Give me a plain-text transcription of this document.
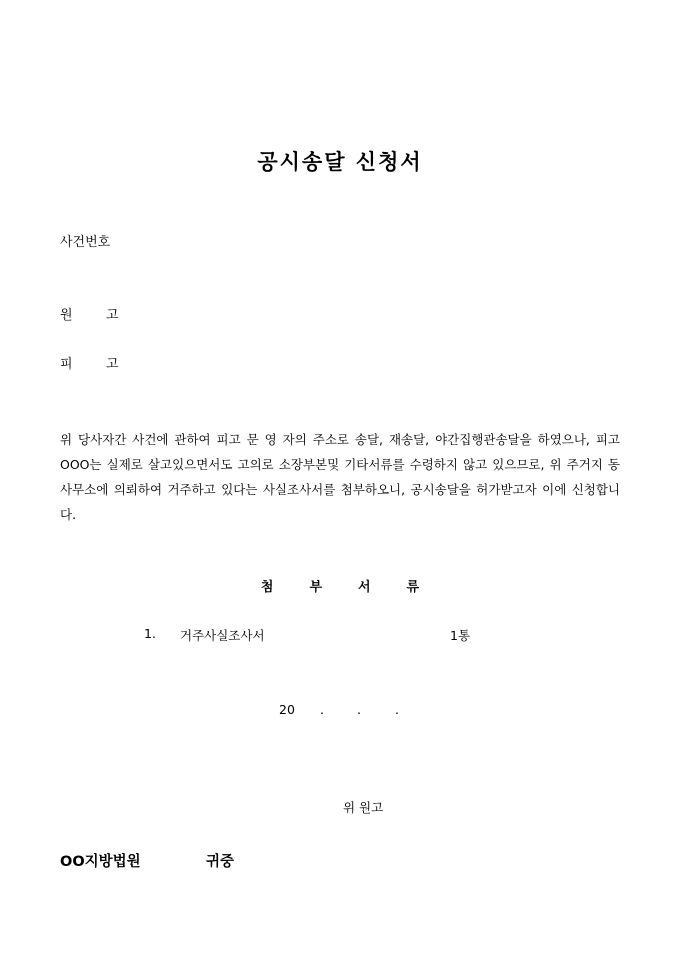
공시송달 신청서
사건번호
원	고
피	고
위 당사자간 사건에 관하여 피고 문 영 자의 주소로 송달, 재송달, 야간집행관송달을 하였으나, 피고 OOO는 실제로 살고있으면서도 고의로 소장부본및 기타서류를 수령하지 않고 있으므로, 위 주거지 동사무소에 의뢰하여 거주하고 있다는 사실조사서를 첨부하오니, 공시송달을 허가받고자 이에 신청합니다.
첨	부	서	류
1. 거주사실조사서	1통
20 .	.	.
위 원고
OO지방법원	귀중
